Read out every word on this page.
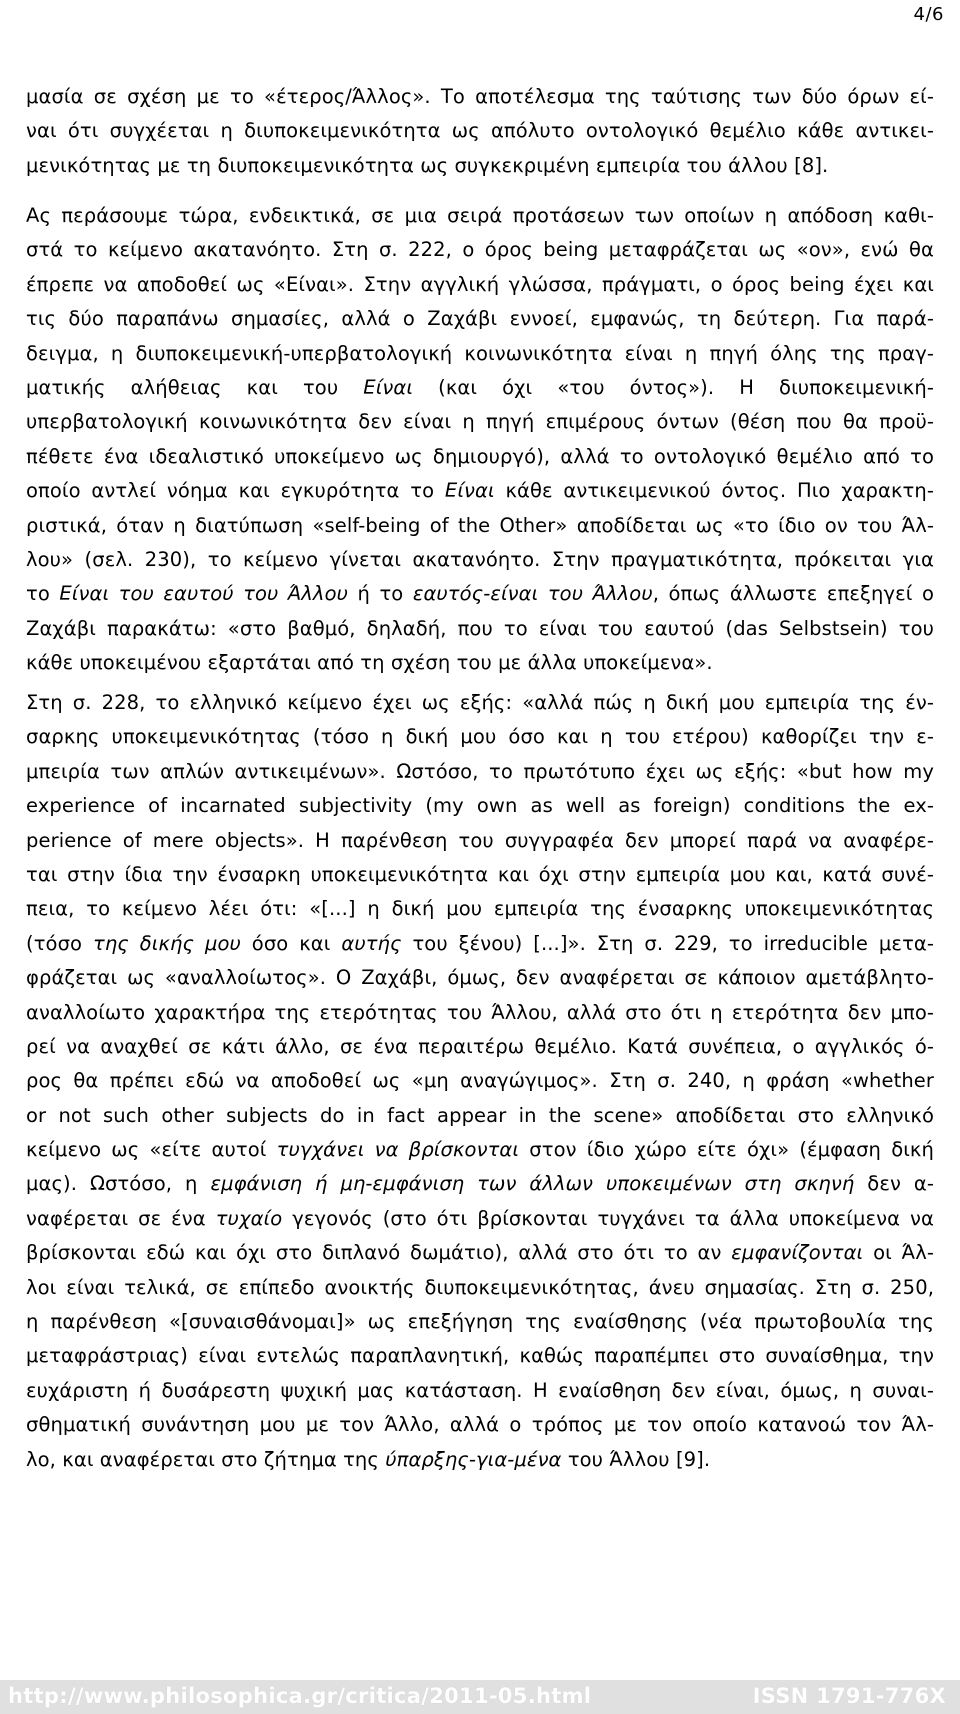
4/6
μασία σε σχέση με το «έτερος/Άλλος». Το αποτέλεσμα της ταύτισης των δύο όρων εί-
ναι ότι συγχέεται η διυποκειμενικότητα ως απόλυτο οντολογικό θεμέλιο κάθε αντικει-
μενικότητας με τη διυποκειμενικότητα ως συγκεκριμένη εμπειρία του άλλου [8].
Ας περάσουμε τώρα, ενδεικτικά, σε μια σειρά προτάσεων των οποίων η απόδοση καθι-
στά το κείμενο ακατανόητο. Στη σ. 222, ο όρος being μεταφράζεται ως «ον», ενώ θα
έπρεπε να αποδοθεί ως «Είναι». Στην αγγλική γλώσσα, πράγματι, ο όρος being έχει και
τις δύο παραπάνω σημασίες, αλλά ο Ζαχάβι εννοεί, εμφανώς, τη δεύτερη. Για παρά-
δειγμα, η διυποκειμενική-υπερβατολογική κοινωνικότητα είναι η πηγή όλης της πραγ-
ματικής αλήθειας και του Είναι (και όχι «του όντος»). Η διυποκειμενική-
υπερβατολογική κοινωνικότητα δεν είναι η πηγή επιμέρους όντων (θέση που θα προϋ-
πέθετε ένα ιδεαλιστικό υποκείμενο ως δημιουργό), αλλά το οντολογικό θεμέλιο από το
οποίο αντλεί νόημα και εγκυρότητα το Είναι κάθε αντικειμενικού όντος. Πιο χαρακτη-
ριστικά, όταν η διατύπωση «self-being of the Other» αποδίδεται ως «το ίδιο ον του Άλ-
λου» (σελ. 230), το κείμενο γίνεται ακατανόητο. Στην πραγματικότητα, πρόκειται για
το Είναι του εαυτού του Άλλου ή το εαυτός-είναι του Άλλου, όπως άλλωστε επεξηγεί ο
Ζαχάβι παρακάτω: «στο βαθμό, δηλαδή, που το είναι του εαυτού (das Selbstsein) του
κάθε υποκειμένου εξαρτάται από τη σχέση του με άλλα υποκείμενα».
Στη σ. 228, το ελληνικό κείμενο έχει ως εξής: «αλλά πώς η δική μου εμπειρία της έν-
σαρκης υποκειμενικότητας (τόσο η δική μου όσο και η του ετέρου) καθορίζει την ε-
μπειρία των απλών αντικειμένων». Ωστόσο, το πρωτότυπο έχει ως εξής: «but how my
experience of incarnated subjectivity (my own as well as foreign) conditions the ex-
perience of mere objects». Η παρένθεση του συγγραφέα δεν μπορεί παρά να αναφέρε-
ται στην ίδια την ένσαρκη υποκειμενικότητα και όχι στην εμπειρία μου και, κατά συνέ-
πεια, το κείμενο λέει ότι: «[...] η δική μου εμπειρία της ένσαρκης υποκειμενικότητας
(τόσο της δικής μου όσο και αυτής του ξένου) [...]». Στη σ. 229, το irreducible μετα-
φράζεται ως «αναλλοίωτος». Ο Ζαχάβι, όμως, δεν αναφέρεται σε κάποιον αμετάβλητο-
αναλλοίωτο χαρακτήρα της ετερότητας του Άλλου, αλλά στο ότι η ετερότητα δεν μπο-
ρεί να αναχθεί σε κάτι άλλο, σε ένα περαιτέρω θεμέλιο. Κατά συνέπεια, ο αγγλικός ό-
ρος θα πρέπει εδώ να αποδοθεί ως «μη αναγώγιμος». Στη σ. 240, η φράση «whether
or not such other subjects do in fact appear in the scene» αποδίδεται στο ελληνικό
κείμενο ως «είτε αυτοί τυγχάνει να βρίσκονται στον ίδιο χώρο είτε όχι» (έμφαση δική
μας). Ωστόσο, η εμφάνιση ή μη-εμφάνιση των άλλων υποκειμένων στη σκηνή δεν α-
ναφέρεται σε ένα τυχαίο γεγονός (στο ότι βρίσκονται τυγχάνει τα άλλα υποκείμενα να
βρίσκονται εδώ και όχι στο διπλανό δωμάτιο), αλλά στο ότι το αν εμφανίζονται οι Άλ-
λοι είναι τελικά, σε επίπεδο ανοικτής διυποκειμενικότητας, άνευ σημασίας. Στη σ. 250,
η παρένθεση «[συναισθάνομαι]» ως επεξήγηση της εναίσθησης (νέα πρωτοβουλία της
μεταφράστριας) είναι εντελώς παραπλανητική, καθώς παραπέμπει στο συναίσθημα, την
ευχάριστη ή δυσάρεστη ψυχική μας κατάσταση. Η εναίσθηση δεν είναι, όμως, η συναι-
σθηματική συνάντηση μου με τον Άλλο, αλλά ο τρόπος με τον οποίο κατανοώ τον Άλ-
λο, και αναφέρεται στο ζήτημα της ύπαρξης-για-μένα του Άλλου [9].
http://www.philosophica.gr/critica/2011-05.html	ISSN 1791-776X
